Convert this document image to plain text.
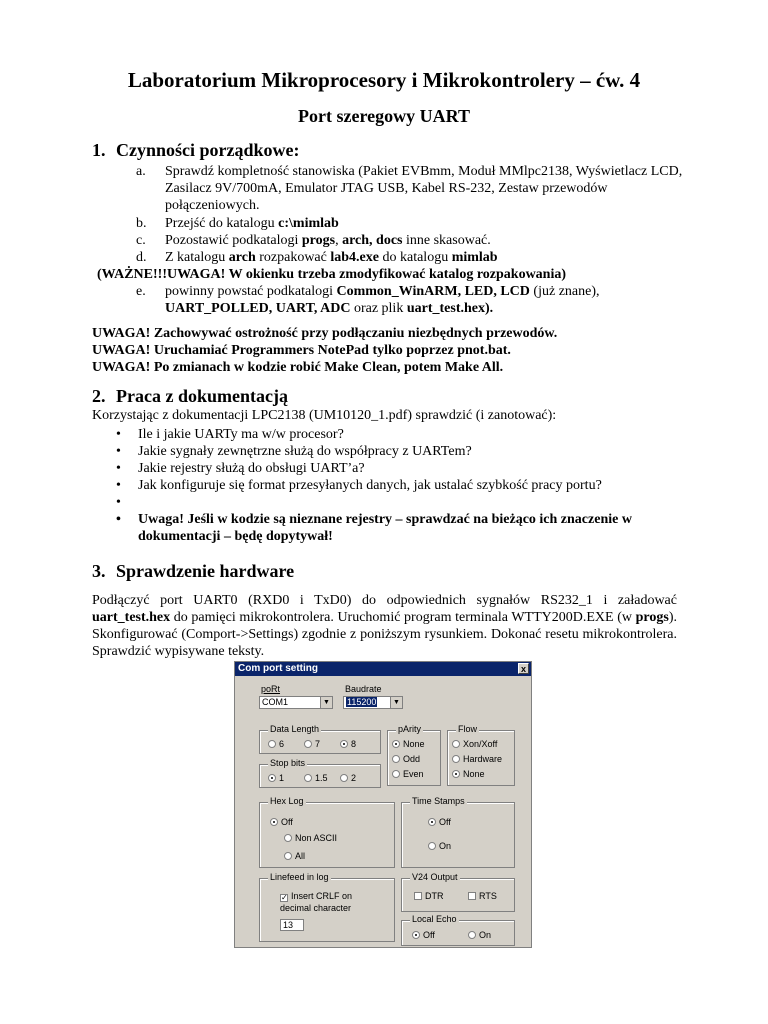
Laboratorium Mikroprocesory i Mikrokontrolery – ćw. 4
Port szeregowy UART
1. Czynności porządkowe:
a. Sprawdź kompletność stanowiska (Pakiet EVBmm, Moduł MMlpc2138, Wyświetlacz LCD, Zasilacz 9V/700mA, Emulator JTAG USB, Kabel RS-232, Zestaw przewodów połączeniowych.
b. Przejść do katalogu c:\mimlab
c. Pozostawić podkatalogi progs, arch, docs inne skasować.
d. Z katalogu arch rozpakować lab4.exe do katalogu mimlab
(WAŻNE!!!UWAGA! W okienku trzeba zmodyfikować katalog rozpakowania)
e. powinny powstać podkatalogi Common_WinARM, LED, LCD (już znane), UART_POLLED, UART, ADC oraz plik uart_test.hex).
UWAGA! Zachowywać ostrożność przy podłączaniu niezbędnych przewodów.
UWAGA! Uruchamiać Programmers NotePad tylko poprzez pnot.bat.
UWAGA! Po zmianach w kodzie robić Make Clean, potem Make All.
2. Praca z dokumentacją
Korzystając z dokumentacji LPC2138 (UM10120_1.pdf) sprawdzić (i zanotować):
• Ile i jakie UARTy ma w/w procesor?
• Jakie sygnały zewnętrzne służą do współpracy z UARTem?
• Jakie rejestry służą do obsługi UART’a?
• Jak konfiguruje się format przesyłanych danych, jak ustalać szybkość pracy portu?
•
• Uwaga! Jeśli w kodzie są nieznane rejestry – sprawdzać na bieżąco ich znaczenie w dokumentacji – będę dopytywał!
3. Sprawdzenie hardware
Podłączyć port UART0 (RXD0 i TxD0) do odpowiednich sygnałów RS232_1 i załadować uart_test.hex do pamięci mikrokontrolera. Uruchomić program terminala WTTY200D.EXE (w progs). Skonfigurować (Comport->Settings) zgodnie z poniższym rysunkiem. Dokonać resetu mikrokontrolera. Sprawdzić wypisywane teksty.
Com port setting	x
poRt
COM1	▼
Baudrate
115200	▼
Data Length
6	7	8
pArity
None
Odd
Even
Flow
Xon/Xoff
Hardware
None
Stop bits
1	1.5	2
Hex Log
Off
Non ASCII
All
Time Stamps
Off
On
Linefeed in log
✓ Insert CRLF on
decimal character
13
V24 Output
DTR	RTS
Local Echo
Off	On
